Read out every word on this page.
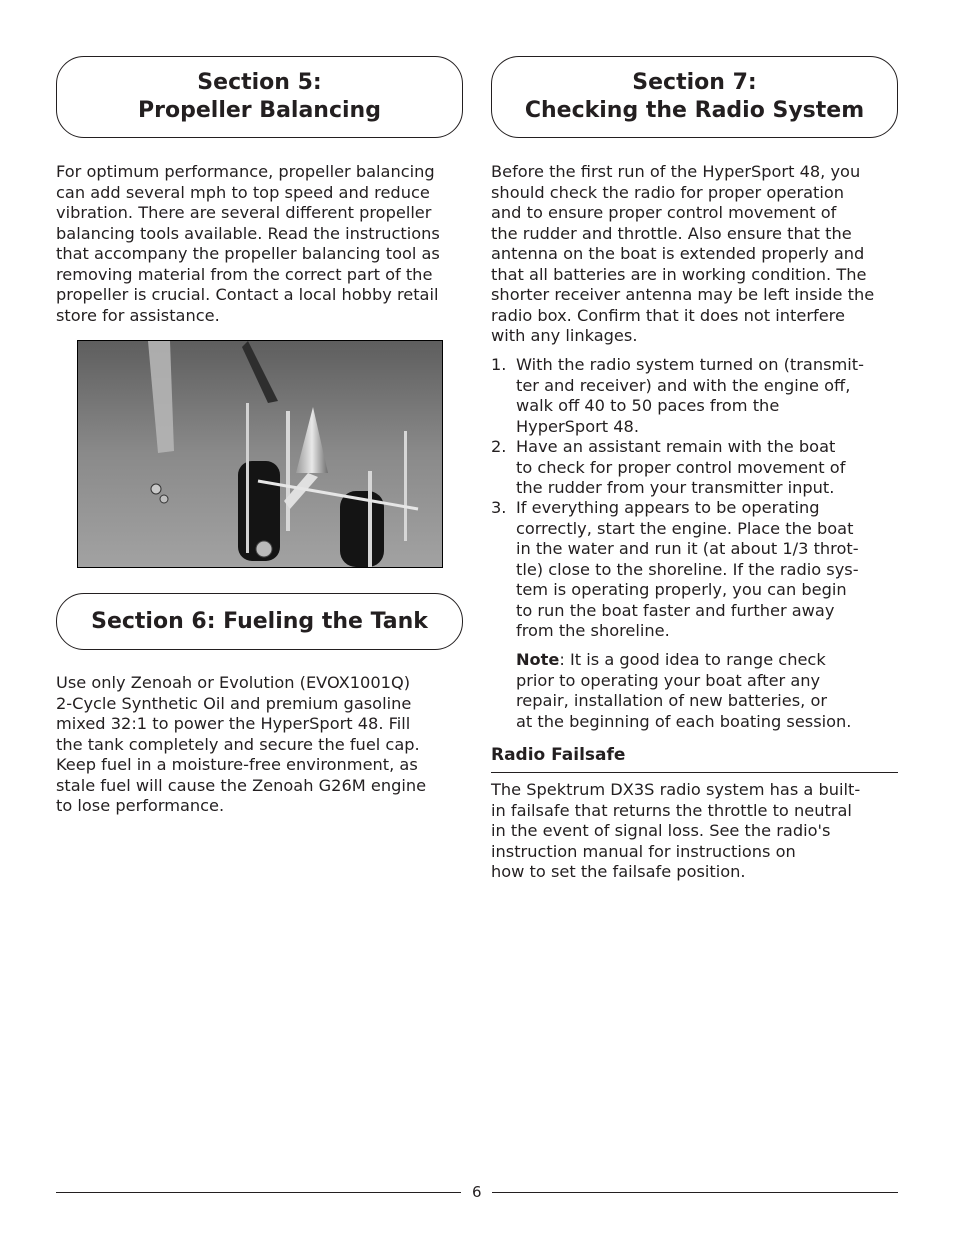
Section 5:
Propeller Balancing
For optimum performance, propeller balancing
can add several mph to top speed and reduce
vibration. There are several different propeller
balancing tools available. Read the instructions
that accompany the propeller balancing tool as
removing material from the correct part of the
propeller is crucial. Contact a local hobby retail
store for assistance.
Section 6: Fueling the Tank
Use only Zenoah or Evolution (EVOX1001Q)
2-Cycle Synthetic Oil and premium gasoline
mixed 32:1 to power the HyperSport 48. Fill
the tank completely and secure the fuel cap.
Keep fuel in a moisture-free environment, as
stale fuel will cause the Zenoah G26M engine
to lose performance.
Section 7:
Checking the Radio System
Before the first run of the HyperSport 48, you
should check the radio for proper operation
and to ensure proper control movement of
the rudder and throttle. Also ensure that the
antenna on the boat is extended properly and
that all batteries are in working condition. The
shorter receiver antenna may be left inside the
radio box. Confirm that it does not interfere
with any linkages.
1. With the radio system turned on (transmit-
ter and receiver) and with the engine off,
walk off 40 to 50 paces from the
HyperSport 48.
2. Have an assistant remain with the boat
to check for proper control movement of
the rudder from your transmitter input.
3. If everything appears to be operating
correctly, start the engine. Place the boat
in the water and run it (at about 1/3 throt-
tle) close to the shoreline. If the radio sys-
tem is operating properly, you can begin
to run the boat faster and further away
from the shoreline.
Note: It is a good idea to range check
prior to operating your boat after any
repair, installation of new batteries, or
at the beginning of each boating session.
Radio Failsafe
The Spektrum DX3S radio system has a built-
in failsafe that returns the throttle to neutral
in the event of signal loss. See the radio's
instruction manual for instructions on
how to set the failsafe position.
6
